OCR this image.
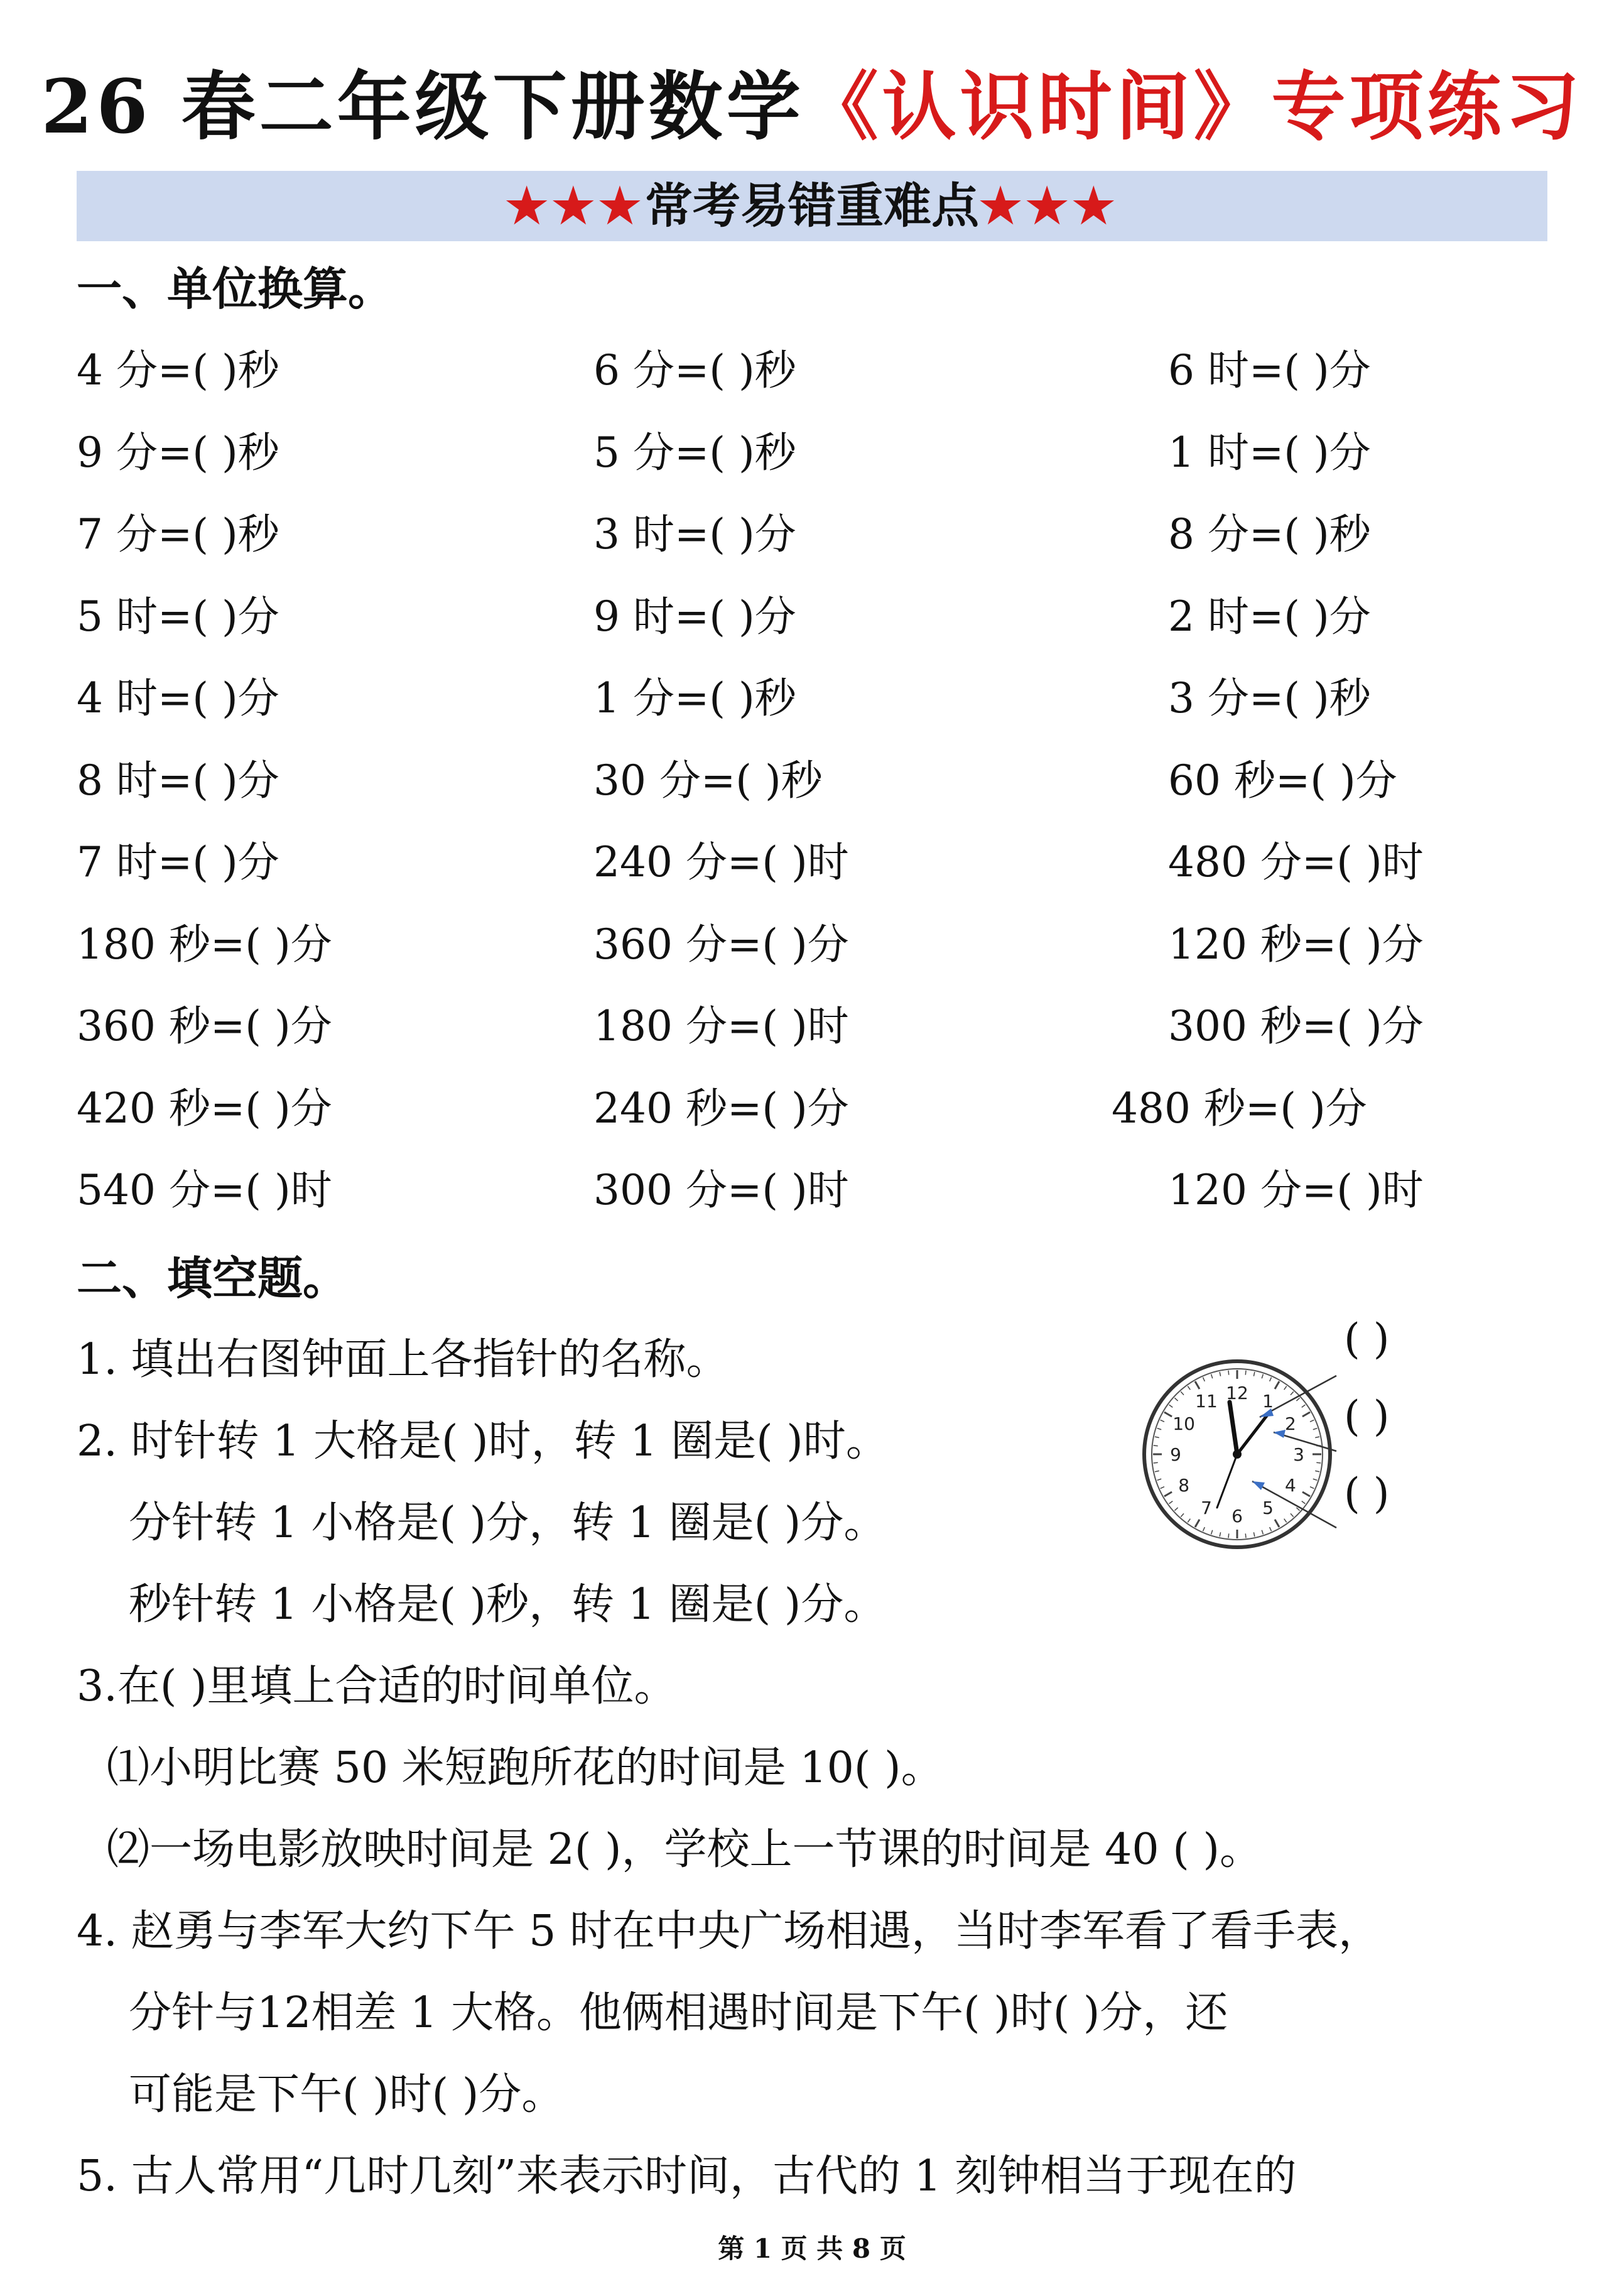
26 春二年级下册数学《认识时间》专项练习
★★★常考易错重难点★★★
一、单位换算。
4 分=( )秒	6 分=( )秒	6 时=( )分
9 分=( )秒	5 分=( )秒	1 时=( )分
7 分=( )秒	3 时=( )分	8 分=( )秒
5 时=( )分	9 时=( )分	2 时=( )分
4 时=( )分	1 分=( )秒	3 分=( )秒
8 时=( )分	30 分=( )秒	60 秒=( )分
7 时=( )分	240 分=( )时	480 分=( )时
180 秒=( )分	360 分=( )分	120 秒=( )分
360 秒=( )分	180 分=( )时	300 秒=( )分
420 秒=( )分	240 秒=( )分	480 秒=( )分
540 分=( )时	300 分=( )时	120 分=( )时
二、填空题。
1. 填出右图钟面上各指针的名称。
2. 时针转 1 大格是( )时，转 1 圈是( )时。
分针转 1 小格是( )分，转 1 圈是( )分。
秒针转 1 小格是( )秒，转 1 圈是( )分。
3.在( )里填上合适的时间单位。
⑴小明比赛 50 米短跑所花的时间是 10( )。
⑵一场电影放映时间是 2( )，学校上一节课的时间是 40 ( )。
4. 赵勇与李军大约下午 5 时在中央广场相遇，当时李军看了看手表，
分针与12相差 1 大格。他俩相遇时间是下午( )时( )分，还
可能是下午( )时( )分。
5. 古人常用“几时几刻”来表示时间，古代的 1 刻钟相当于现在的
12 1
2
3
4
5
6
7
8
9
10
11
( )
( )
( )
第 1 页 共 8 页
